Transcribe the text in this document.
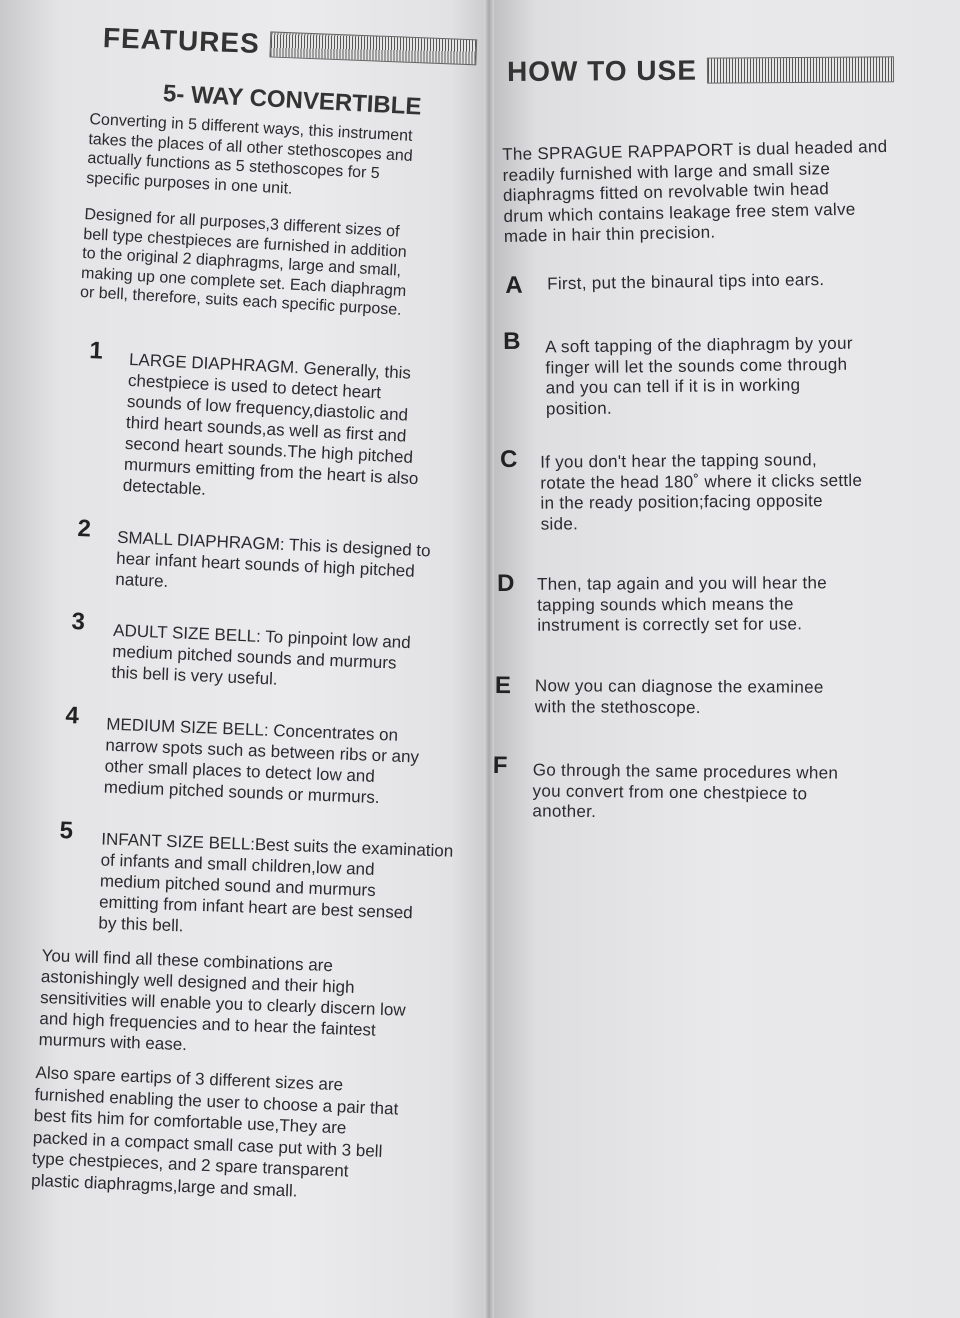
FEATURES
5- WAY CONVERTIBLE
Converting in 5 different ways, this instrument
takes the places of all other stethoscopes and
actually functions as 5 stethoscopes for 5
specific purposes in one unit.
Designed for all purposes,3 different sizes of
bell type chestpieces are furnished in addition
to the original 2 diaphragms, large and small,
making up one complete set. Each diaphragm
or bell, therefore, suits each specific purpose.
1	LARGE DIAPHRAGM. Generally, this
chestpiece is used to detect heart
sounds of low frequency,diastolic and
third heart sounds,as well as first and
second heart sounds.The high pitched
murmurs emitting from the heart is also
detectable.
2 SMALL DIAPHRAGM: This is designed to
hear infant heart sounds of high pitched
nature.
3 ADULT SIZE BELL: To pinpoint low and
medium pitched sounds and murmurs
this bell is very useful.
4 MEDIUM SIZE BELL: Concentrates on
narrow spots such as between ribs or any
other small places to detect low and
medium pitched sounds or murmurs.
5 INFANT SIZE BELL:Best suits the examination
of infants and small children,low and
medium pitched sound and murmurs
emitting from infant heart are best sensed
by this bell.
You will find all these combinations are
astonishingly well designed and their high
sensitivities will enable you to clearly discern low
and high frequencies and to hear the faintest
murmurs with ease.
Also spare eartips of 3 different sizes are
furnished enabling the user to choose a pair that
best fits him for comfortable use,They are
packed in a compact small case put with 3 bell
type chestpieces, and 2 spare transparent
plastic diaphragms,large and small.
HOW TO USE
The SPRAGUE RAPPAPORT is dual headed and
readily furnished with large and small size
diaphragms fitted on revolvable twin head
drum which contains leakage free stem valve
made in hair thin precision.
A First, put the binaural tips into ears.
B A soft tapping of the diaphragm by your
finger will let the sounds come through
and you can tell if it is in working
position.
C If you don't hear the tapping sound,
rotate the head 180˚ where it clicks settle
in the ready position;facing opposite
side.
D Then, tap again and you will hear the
tapping sounds which means the
instrument is correctly set for use.
E Now you can diagnose the examinee
with the stethoscope.
F Go through the same procedures when
you convert from one chestpiece to
another.
